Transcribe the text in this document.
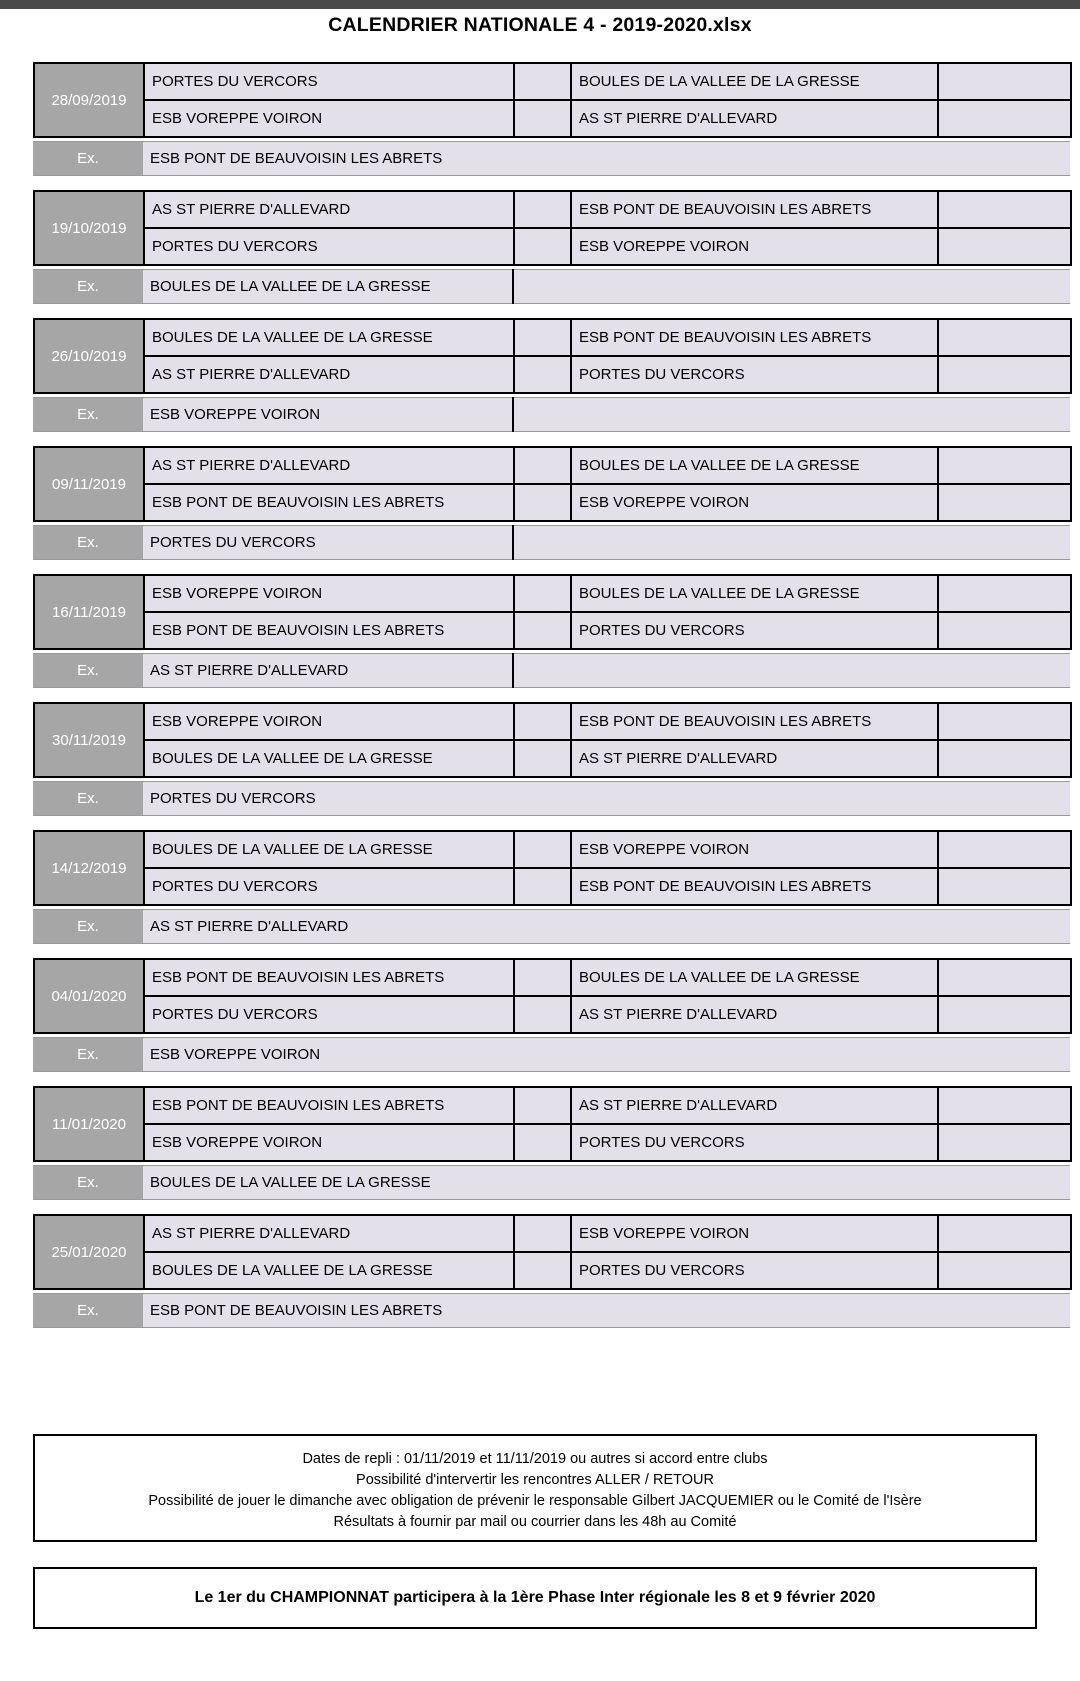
CALENDRIER NATIONALE 4 - 2019-2020.xlsx
28/09/2019	PORTES DU VERCORS		BOULES DE LA VALLEE DE LA GRESSE	
	ESB VOREPPE VOIRON		AS ST PIERRE D'ALLEVARD	
Ex.	ESB PONT DE BEAUVOISIN LES ABRETS	
19/10/2019	AS ST PIERRE D'ALLEVARD		ESB PONT DE BEAUVOISIN LES ABRETS	
	PORTES DU VERCORS		ESB VOREPPE VOIRON	
Ex.	BOULES DE LA VALLEE DE LA GRESSE	
26/10/2019	BOULES DE LA VALLEE DE LA GRESSE		ESB PONT DE BEAUVOISIN LES ABRETS	
	AS ST PIERRE D'ALLEVARD		PORTES DU VERCORS	
Ex.	ESB VOREPPE VOIRON	
09/11/2019	AS ST PIERRE D'ALLEVARD		BOULES DE LA VALLEE DE LA GRESSE	
	ESB PONT DE BEAUVOISIN LES ABRETS		ESB VOREPPE VOIRON	
Ex.	PORTES DU VERCORS	
16/11/2019	ESB VOREPPE VOIRON		BOULES DE LA VALLEE DE LA GRESSE	
	ESB PONT DE BEAUVOISIN LES ABRETS		PORTES DU VERCORS	
Ex.	AS ST PIERRE D'ALLEVARD	
30/11/2019	ESB VOREPPE VOIRON		ESB PONT DE BEAUVOISIN LES ABRETS	
	BOULES DE LA VALLEE DE LA GRESSE		AS ST PIERRE D'ALLEVARD	
Ex.	PORTES DU VERCORS	
14/12/2019	BOULES DE LA VALLEE DE LA GRESSE		ESB VOREPPE VOIRON	
	PORTES DU VERCORS		ESB PONT DE BEAUVOISIN LES ABRETS	
Ex.	AS ST PIERRE D'ALLEVARD	
04/01/2020	ESB PONT DE BEAUVOISIN LES ABRETS		BOULES DE LA VALLEE DE LA GRESSE	
	PORTES DU VERCORS		AS ST PIERRE D'ALLEVARD	
Ex.	ESB VOREPPE VOIRON	
11/01/2020	ESB PONT DE BEAUVOISIN LES ABRETS		AS ST PIERRE D'ALLEVARD	
	ESB VOREPPE VOIRON		PORTES DU VERCORS	
Ex.	BOULES DE LA VALLEE DE LA GRESSE	
25/01/2020	AS ST PIERRE D'ALLEVARD		ESB VOREPPE VOIRON	
	BOULES DE LA VALLEE DE LA GRESSE		PORTES DU VERCORS	
Ex.	ESB PONT DE BEAUVOISIN LES ABRETS	
Dates de repli : 01/11/2019 et 11/11/2019 ou autres si accord entre clubs
Possibilité d'intervertir les rencontres ALLER / RETOUR
Possibilité de jouer le dimanche avec obligation de prévenir le responsable Gilbert JACQUEMIER ou le Comité de l'Isère
Résultats à fournir par mail ou courrier dans les 48h au Comité
Le 1er du CHAMPIONNAT participera à la 1ère Phase Inter régionale les 8 et 9 février 2020
